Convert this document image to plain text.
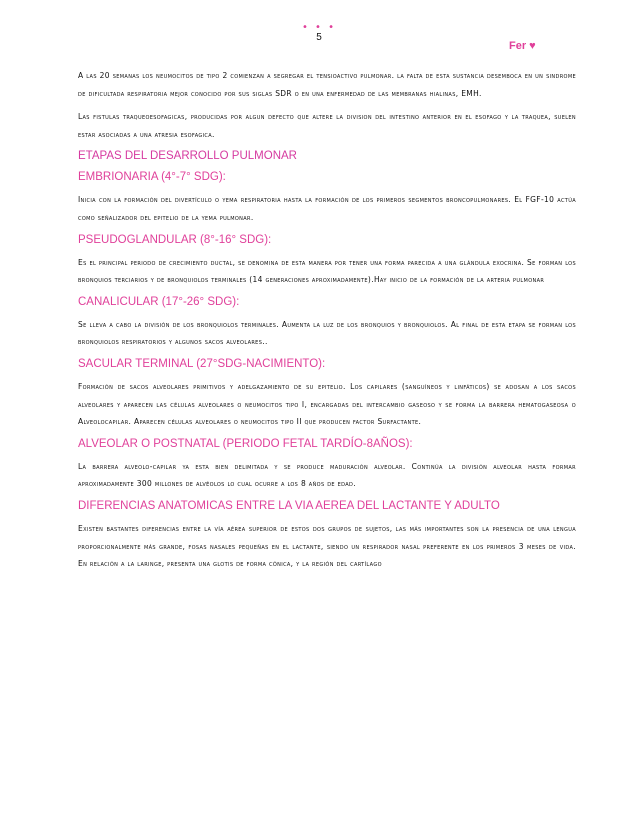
• • •
5
Fer ♥

A las 20 semanas los neumocitos de tipo 2 comienzan a segregar el tensioactivo pulmonar. la falta de esta sustancia desemboca en un sindrome de dificultada respiratoria mejor conocido por sus siglas SDR o en una enfermedad de las membranas hialinas, EMH.

Las fistulas traqueoesofagicas, producidas por algun defecto que altere la division del intestino anterior en el esofago y la traquea, suelen estar asociadas a una atresia esofagica.

ETAPAS DEL DESARROLLO PULMONAR
EMBRIONARIA (4°-7° SDG):

Inicia con la formación del divertículo o yema respiratoria hasta la formación de los primeros segmentos broncopulmonares. El FGF-10 actúa como señalizador del epitelio de la yema pulmonar.

PSEUDOGLANDULAR (8°-16° SDG):

Es el principal periodo de crecimiento ductal, se denomina de esta manera por tener una forma parecida a una glándula exocrina. Se forman los bronquios terciarios y de bronquiolos terminales (14 generaciones aproximadamente).Hay inicio de la formación de la arteria pulmonar

CANALICULAR (17°-26° SDG):

Se lleva a cabo la división de los bronquiolos terminales. Aumenta la luz de los bronquios y bronquiolos. Al final de esta etapa se forman los bronquiolos respiratorios y algunos sacos alveolares..

SACULAR TERMINAL (27°SDG-NACIMIENTO):

Formación de sacos alveolares primitivos y adelgazamiento de su epitelio. Los capilares (sanguíneos y linfáticos) se adosan a los sacos alveolares y aparecen las células alveolares o neumocitos tipo I, encargadas del intercambio gaseoso y se forma la barrera hematogaseosa o Alveolocapilar. Aparecen células alveolares o neumocitos tipo II que producen factor Surfactante.

ALVEOLAR O POSTNATAL (PERIODO FETAL TARDÍO-8AÑOS):

La barrera alveolo-capilar ya esta bien delimitada y se produce maduración alveolar. Continúa la división alveolar hasta formar aproximadamente 300 millones de alvéolos lo cual ocurre a los 8 años de edad.

DIFERENCIAS ANATOMICAS ENTRE LA VIA AEREA DEL LACTANTE Y ADULTO

Existen bastantes diferencias entre la vía aérea superior de estos dos grupos de sujetos, las más importantes son la presencia de una lengua proporcionalmente más grande, fosas nasales pequeñas en el lactante, siendo un respirador nasal preferente en los primeros 3 meses de vida. En relación a la laringe, presenta una glotis de forma cónica, y la región del cartílago
